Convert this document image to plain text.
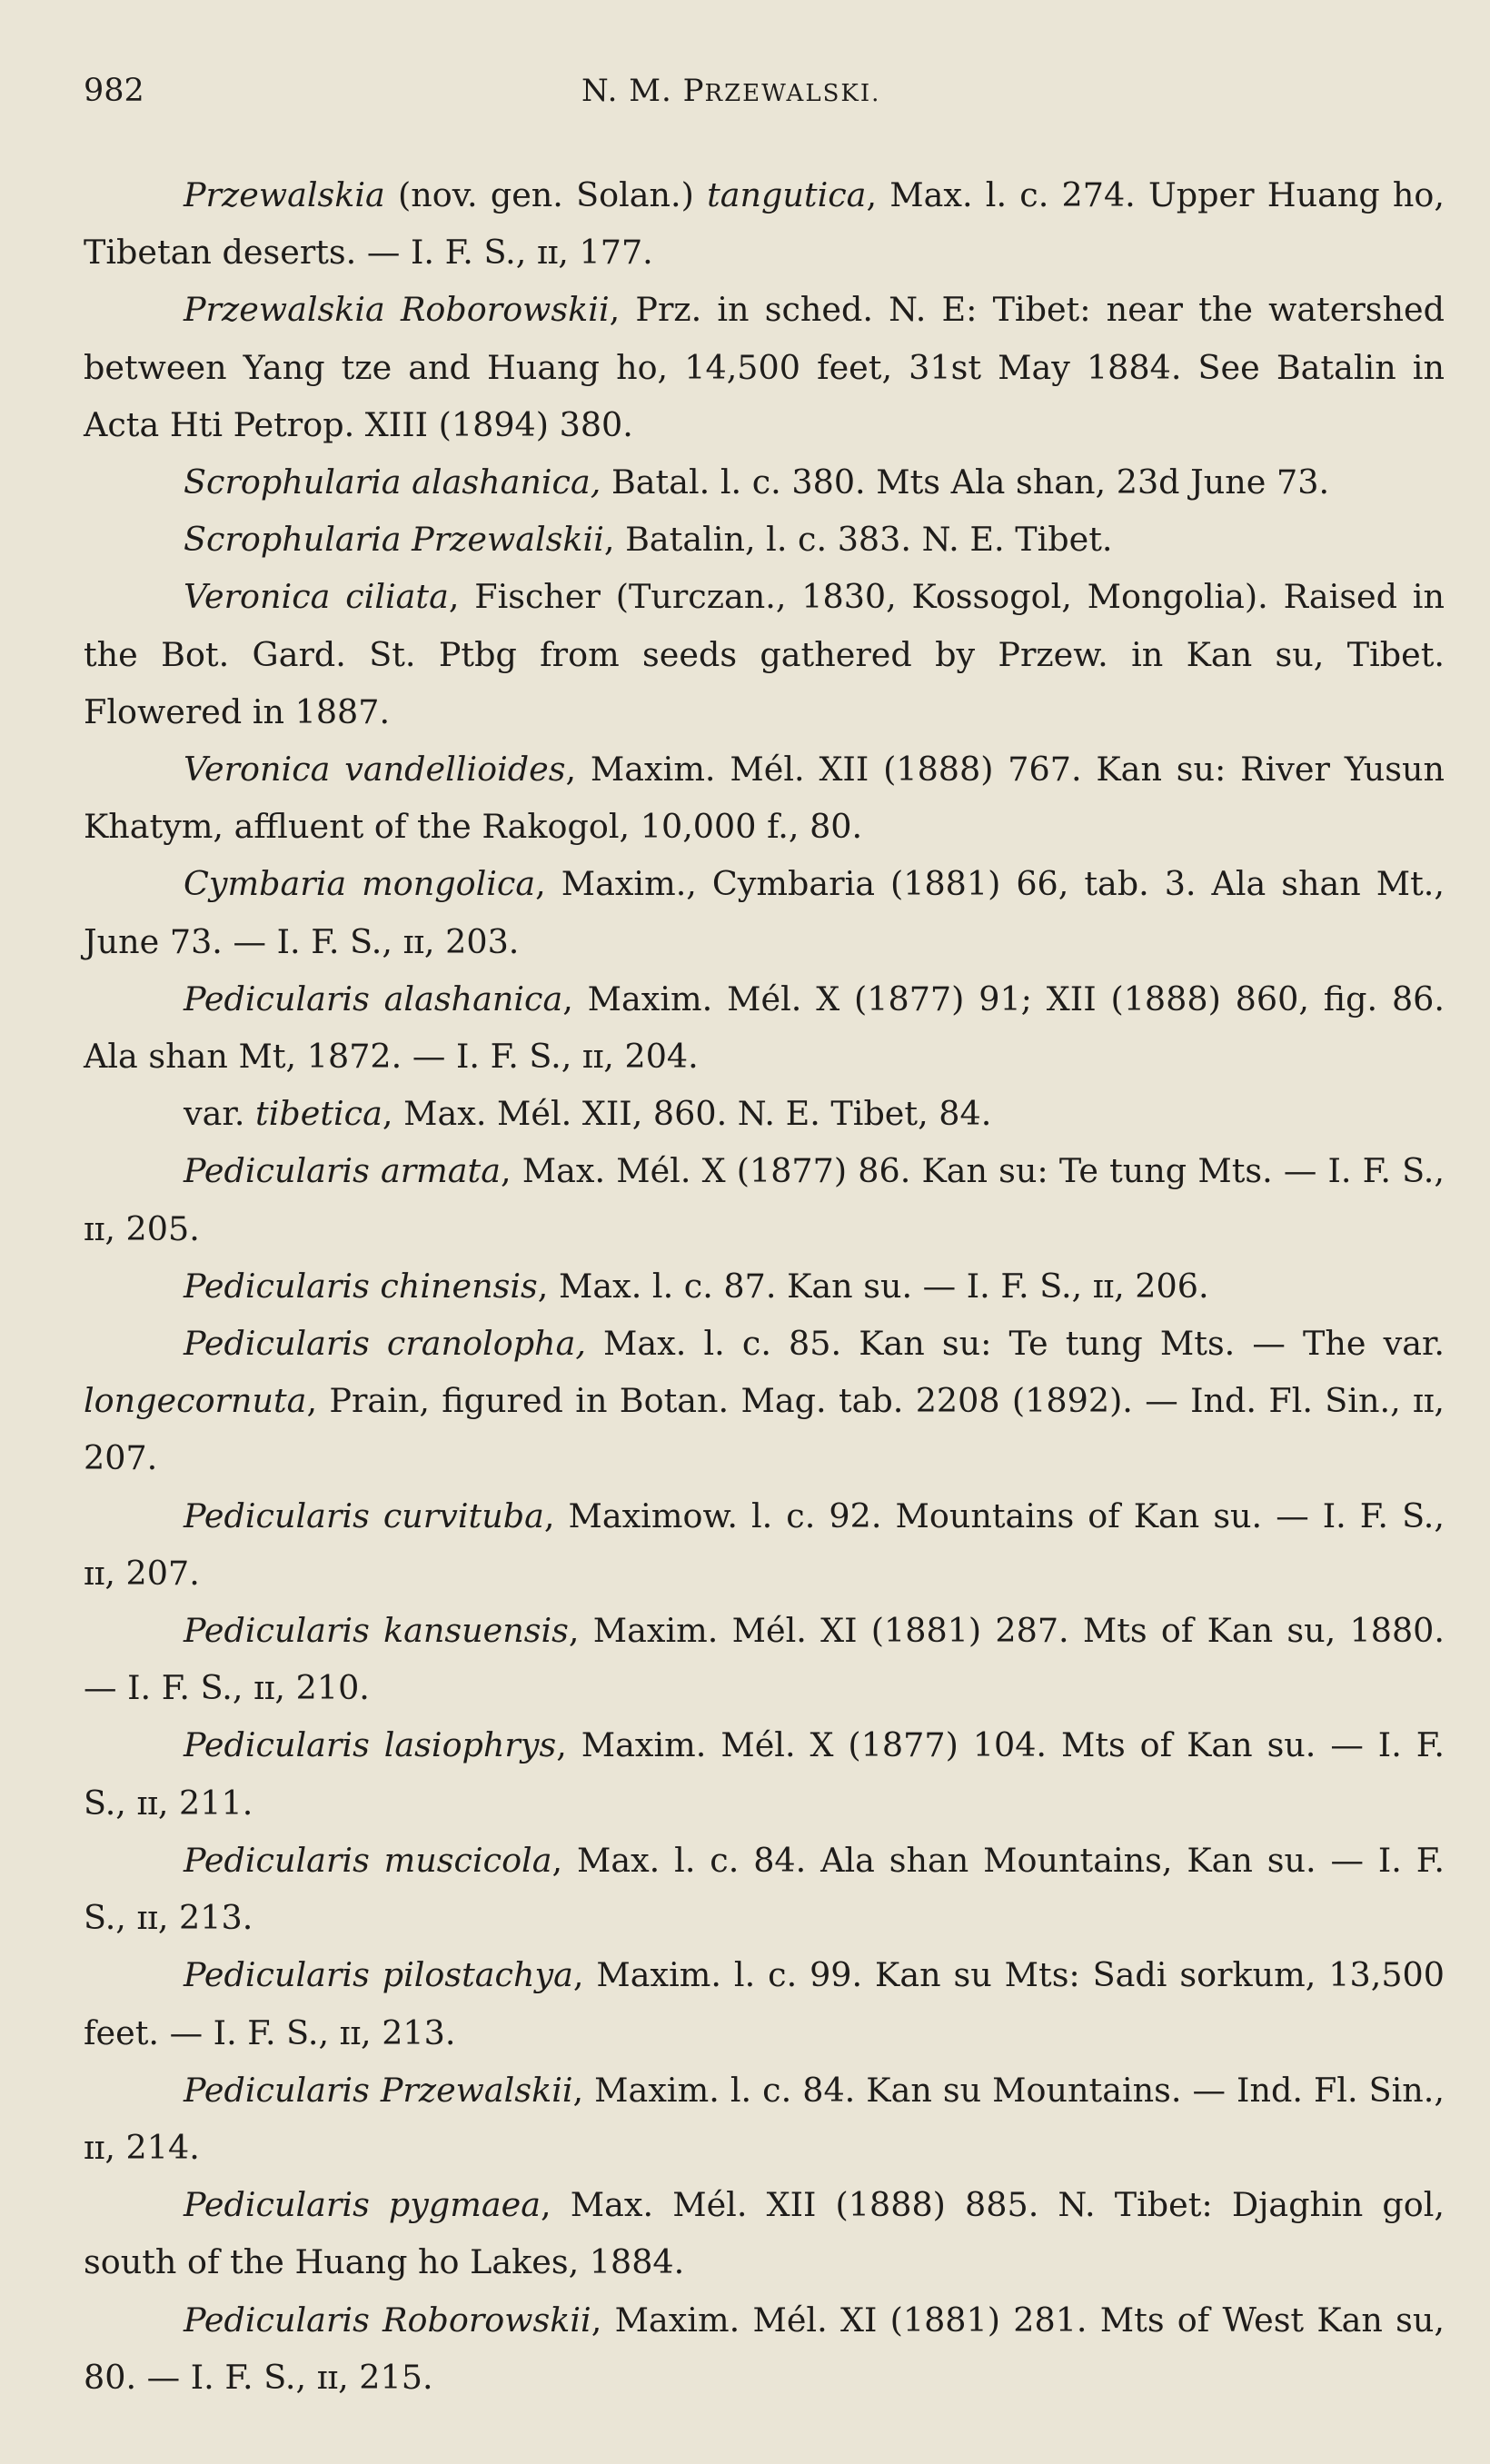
982	N. M. PRZEWALSKI.

Przewalskia (nov. gen. Solan.) tangutica, Max. l. c. 274. Upper Huang ho, Tibetan deserts. — I. F. S., ɪɪ, 177.

Przewalskia Roborowskii, Prz. in sched. N. E: Tibet: near the watershed between Yang tze and Huang ho, 14,500 feet, 31st May 1884. See Batalin in Acta Hti Petrop. XIII (1894) 380.

Scrophularia alashanica, Batal. l. c. 380. Mts Ala shan, 23d June 73.

Scrophularia Przewalskii, Batalin, l. c. 383. N. E. Tibet.

Veronica ciliata, Fischer (Turczan., 1830, Kossogol, Mongolia). Raised in the Bot. Gard. St. Ptbg from seeds gathered by Przew. in Kan su, Tibet. Flowered in 1887.

Veronica vandellioides, Maxim. Mél. XII (1888) 767. Kan su: River Yusun Khatym, affluent of the Rakogol, 10,000 f., 80.

Cymbaria mongolica, Maxim., Cymbaria (1881) 66, tab. 3. Ala shan Mt., June 73. — I. F. S., ɪɪ, 203.

Pedicularis alashanica, Maxim. Mél. X (1877) 91; XII (1888) 860, fig. 86. Ala shan Mt, 1872. — I. F. S., ɪɪ, 204.

var. tibetica, Max. Mél. XII, 860. N. E. Tibet, 84.

Pedicularis armata, Max. Mél. X (1877) 86. Kan su: Te tung Mts. — I. F. S., ɪɪ, 205.

Pedicularis chinensis, Max. l. c. 87. Kan su. — I. F. S., ɪɪ, 206.

Pedicularis cranolopha, Max. l. c. 85. Kan su: Te tung Mts. — The var. longecornuta, Prain, figured in Botan. Mag. tab. 2208 (1892). — Ind. Fl. Sin., ɪɪ, 207.

Pedicularis curvituba, Maximow. l. c. 92. Mountains of Kan su. — I. F. S., ɪɪ, 207.

Pedicularis kansuensis, Maxim. Mél. XI (1881) 287. Mts of Kan su, 1880. — I. F. S., ɪɪ, 210.

Pedicularis lasiophrys, Maxim. Mél. X (1877) 104. Mts of Kan su. — I. F. S., ɪɪ, 211.

Pedicularis muscicola, Max. l. c. 84. Ala shan Mountains, Kan su. — I. F. S., ɪɪ, 213.

Pedicularis pilostachya, Maxim. l. c. 99. Kan su Mts: Sadi sorkum, 13,500 feet. — I. F. S., ɪɪ, 213.

Pedicularis Przewalskii, Maxim. l. c. 84. Kan su Mountains. — Ind. Fl. Sin., ɪɪ, 214.

Pedicularis pygmaea, Max. Mél. XII (1888) 885. N. Tibet: Djaghin gol, south of the Huang ho Lakes, 1884.

Pedicularis Roborowskii, Maxim. Mél. XI (1881) 281. Mts of West Kan su, 80. — I. F. S., ɪɪ, 215.
